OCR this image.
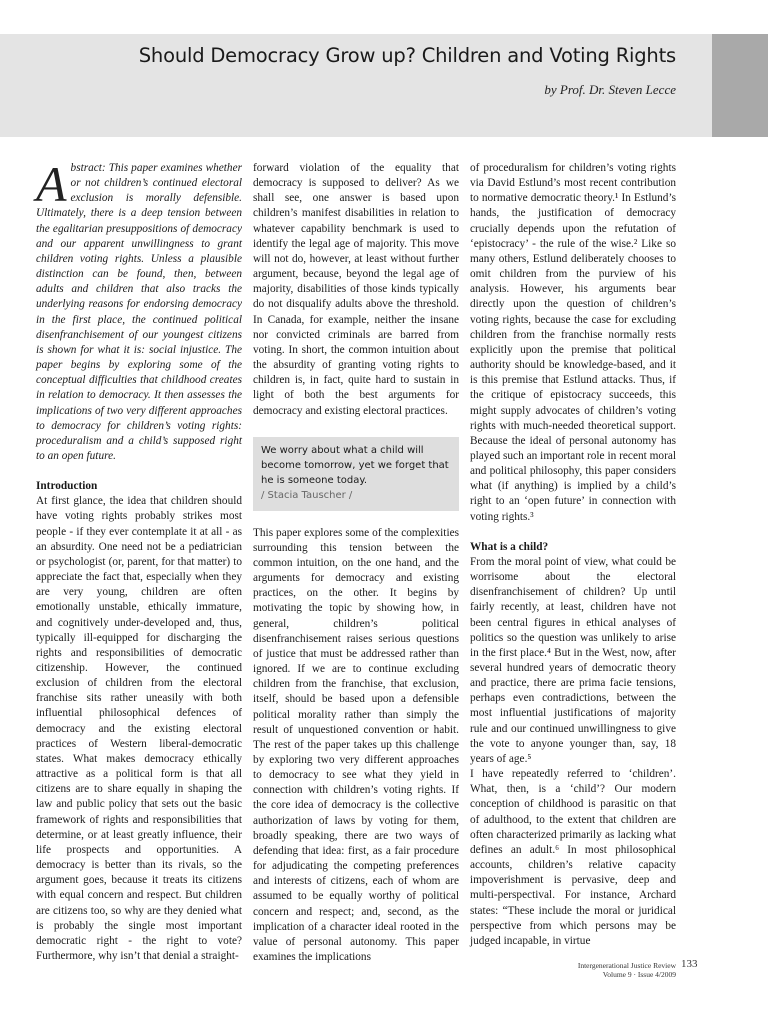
Should Democracy Grow up? Children and Voting Rights
by Prof. Dr. Steven Lecce

Abstract: This paper examines whether or not children’s continued electoral exclusion is morally defensible. Ultimately, there is a deep tension between the egalitarian presuppositions of democracy and our apparent unwillingness to grant children voting rights. Unless a plausible distinction can be found, then, between adults and children that also tracks the underlying reasons for endorsing democracy in the first place, the continued political disenfranchisement of our youngest citizens is shown for what it is: social injustice. The paper begins by exploring some of the conceptual difficulties that childhood creates in relation to democracy. It then assesses the implications of two very different approaches to democracy for children’s voting rights: proceduralism and a child’s supposed right to an open future.

Introduction

At first glance, the idea that children should have voting rights probably strikes most people - if they ever contemplate it at all - as an absurdity. One need not be a pediatrician or psychologist (or, parent, for that matter) to appreciate the fact that, especially when they are very young, children are often emotionally unstable, ethically immature, and cognitively under-developed and, thus, typically ill-equipped for discharging the rights and responsibilities of democratic citizenship. However, the continued exclusion of children from the electoral franchise sits rather uneasily with both influential philosophical defences of democracy and the existing electoral practices of Western liberal-democratic states. What makes democracy ethically attractive as a political form is that all citizens are to share equally in shaping the law and public policy that sets out the basic framework of rights and responsibilities that determine, or at least greatly influence, their life prospects and opportunities. A democracy is better than its rivals, so the argument goes, because it treats its citizens with equal concern and respect. But children are citizens too, so why are they denied what is probably the single most important democratic right - the right to vote? Furthermore, why isn’t that denial a straight-

forward violation of the equality that democracy is supposed to deliver? As we shall see, one answer is based upon children’s manifest disabilities in relation to whatever capability benchmark is used to identify the legal age of majority. This move will not do, however, at least without further argument, because, beyond the legal age of majority, disabilities of those kinds typically do not disqualify adults above the threshold. In Canada, for example, neither the insane nor convicted criminals are barred from voting. In short, the common intuition about the absurdity of granting voting rights to children is, in fact, quite hard to sustain in light of both the best arguments for democracy and existing electoral practices.

We worry about what a child will become tomorrow, yet we forget that he is someone today.
/ Stacia Tauscher /

This paper explores some of the complexities surrounding this tension between the common intuition, on the one hand, and the arguments for democracy and existing practices, on the other. It begins by motivating the topic by showing how, in general, children’s political disenfranchisement raises serious questions of justice that must be addressed rather than ignored. If we are to continue excluding children from the franchise, that exclusion, itself, should be based upon a defensible political morality rather than simply the result of unquestioned convention or habit. The rest of the paper takes up this challenge by exploring two very different approaches to democracy to see what they yield in connection with children’s voting rights. If the core idea of democracy is the collective authorization of laws by voting for them, broadly speaking, there are two ways of defending that idea: first, as a fair procedure for adjudicating the competing preferences and interests of citizens, each of whom are assumed to be equally worthy of political concern and respect; and, second, as the implication of a character ideal rooted in the value of personal autonomy. This paper examines the implications

of proceduralism for children’s voting rights via David Estlund’s most recent contribution to normative democratic theory.¹ In Estlund’s hands, the justification of democracy crucially depends upon the refutation of ‘epistocracy’ - the rule of the wise.² Like so many others, Estlund deliberately chooses to omit children from the purview of his analysis. However, his arguments bear directly upon the question of children’s voting rights, because the case for excluding children from the franchise normally rests explicitly upon the premise that political authority should be knowledge-based, and it is this premise that Estlund attacks. Thus, if the critique of epistocracy succeeds, this might supply advocates of children’s voting rights with much-needed theoretical support. Because the ideal of personal autonomy has played such an important role in recent moral and political philosophy, this paper considers what (if anything) is implied by a child’s right to an ‘open future’ in connection with voting rights.³

What is a child?

From the moral point of view, what could be worrisome about the electoral disenfranchisement of children? Up until fairly recently, at least, children have not been central figures in ethical analyses of politics so the question was unlikely to arise in the first place.⁴ But in the West, now, after several hundred years of democratic theory and practice, there are prima facie tensions, perhaps even contradictions, between the most influential justifications of majority rule and our continued unwillingness to give the vote to anyone younger than, say, 18 years of age.⁵

I have repeatedly referred to ‘children’. What, then, is a ‘child’? Our modern conception of childhood is parasitic on that of adulthood, to the extent that children are often characterized primarily as lacking what defines an adult.⁶ In most philosophical accounts, children’s relative capacity impoverishment is pervasive, deep and multi-perspectival. For instance, Archard states: “These include the moral or juridical perspective from which persons may be judged incapable, in virtue

Intergenerational Justice Review
Volume 9 · Issue 4/2009
133
